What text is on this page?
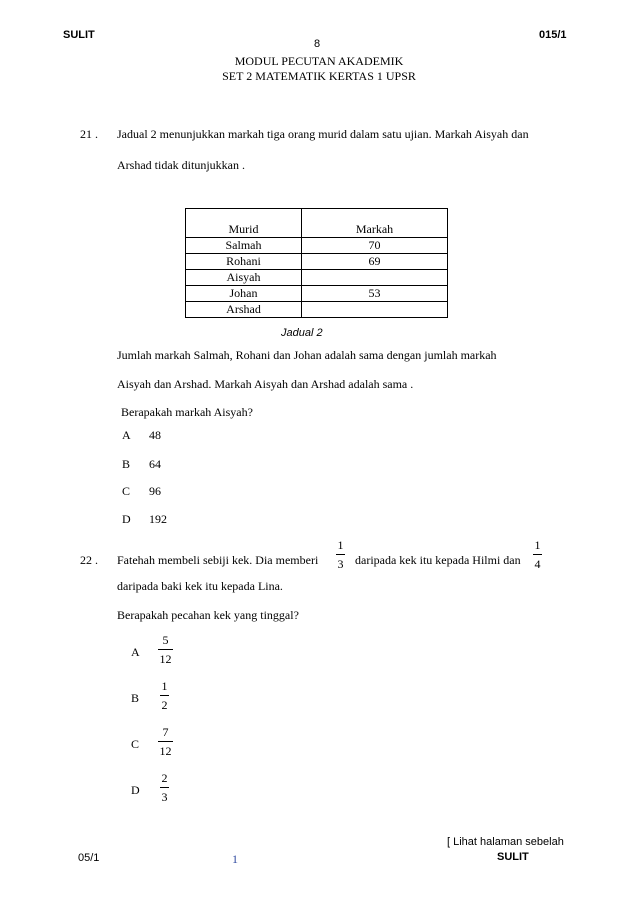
SULIT
8
015/1
MODUL PECUTAN AKADEMIK
SET 2 MATEMATIK KERTAS 1 UPSR
21 . Jadual 2 menunjukkan markah tiga orang murid dalam satu ujian. Markah Aisyah dan
Arshad tidak ditunjukkan .
Murid	Markah
Salmah	70
Rohani	69
Aisyah	
Johan	53
Arshad	
Jadual 2
Jumlah markah Salmah, Rohani dan Johan adalah sama dengan jumlah markah
Aisyah dan Arshad. Markah Aisyah dan Arshad adalah sama .
Berapakah markah Aisyah?
A 48
B 64
C 96
D 192
22 . Fatehah membeli sebiji kek. Dia memberi
1
3 daripada kek itu kepada Hilmi dan
1
4
daripada baki kek itu kepada Lina.
Berapakah pecahan kek yang tinggal?
A
5
12
B
1
2
C
7
12
D
2
3
[ Lihat halaman sebelah
05/1	1	SULIT
